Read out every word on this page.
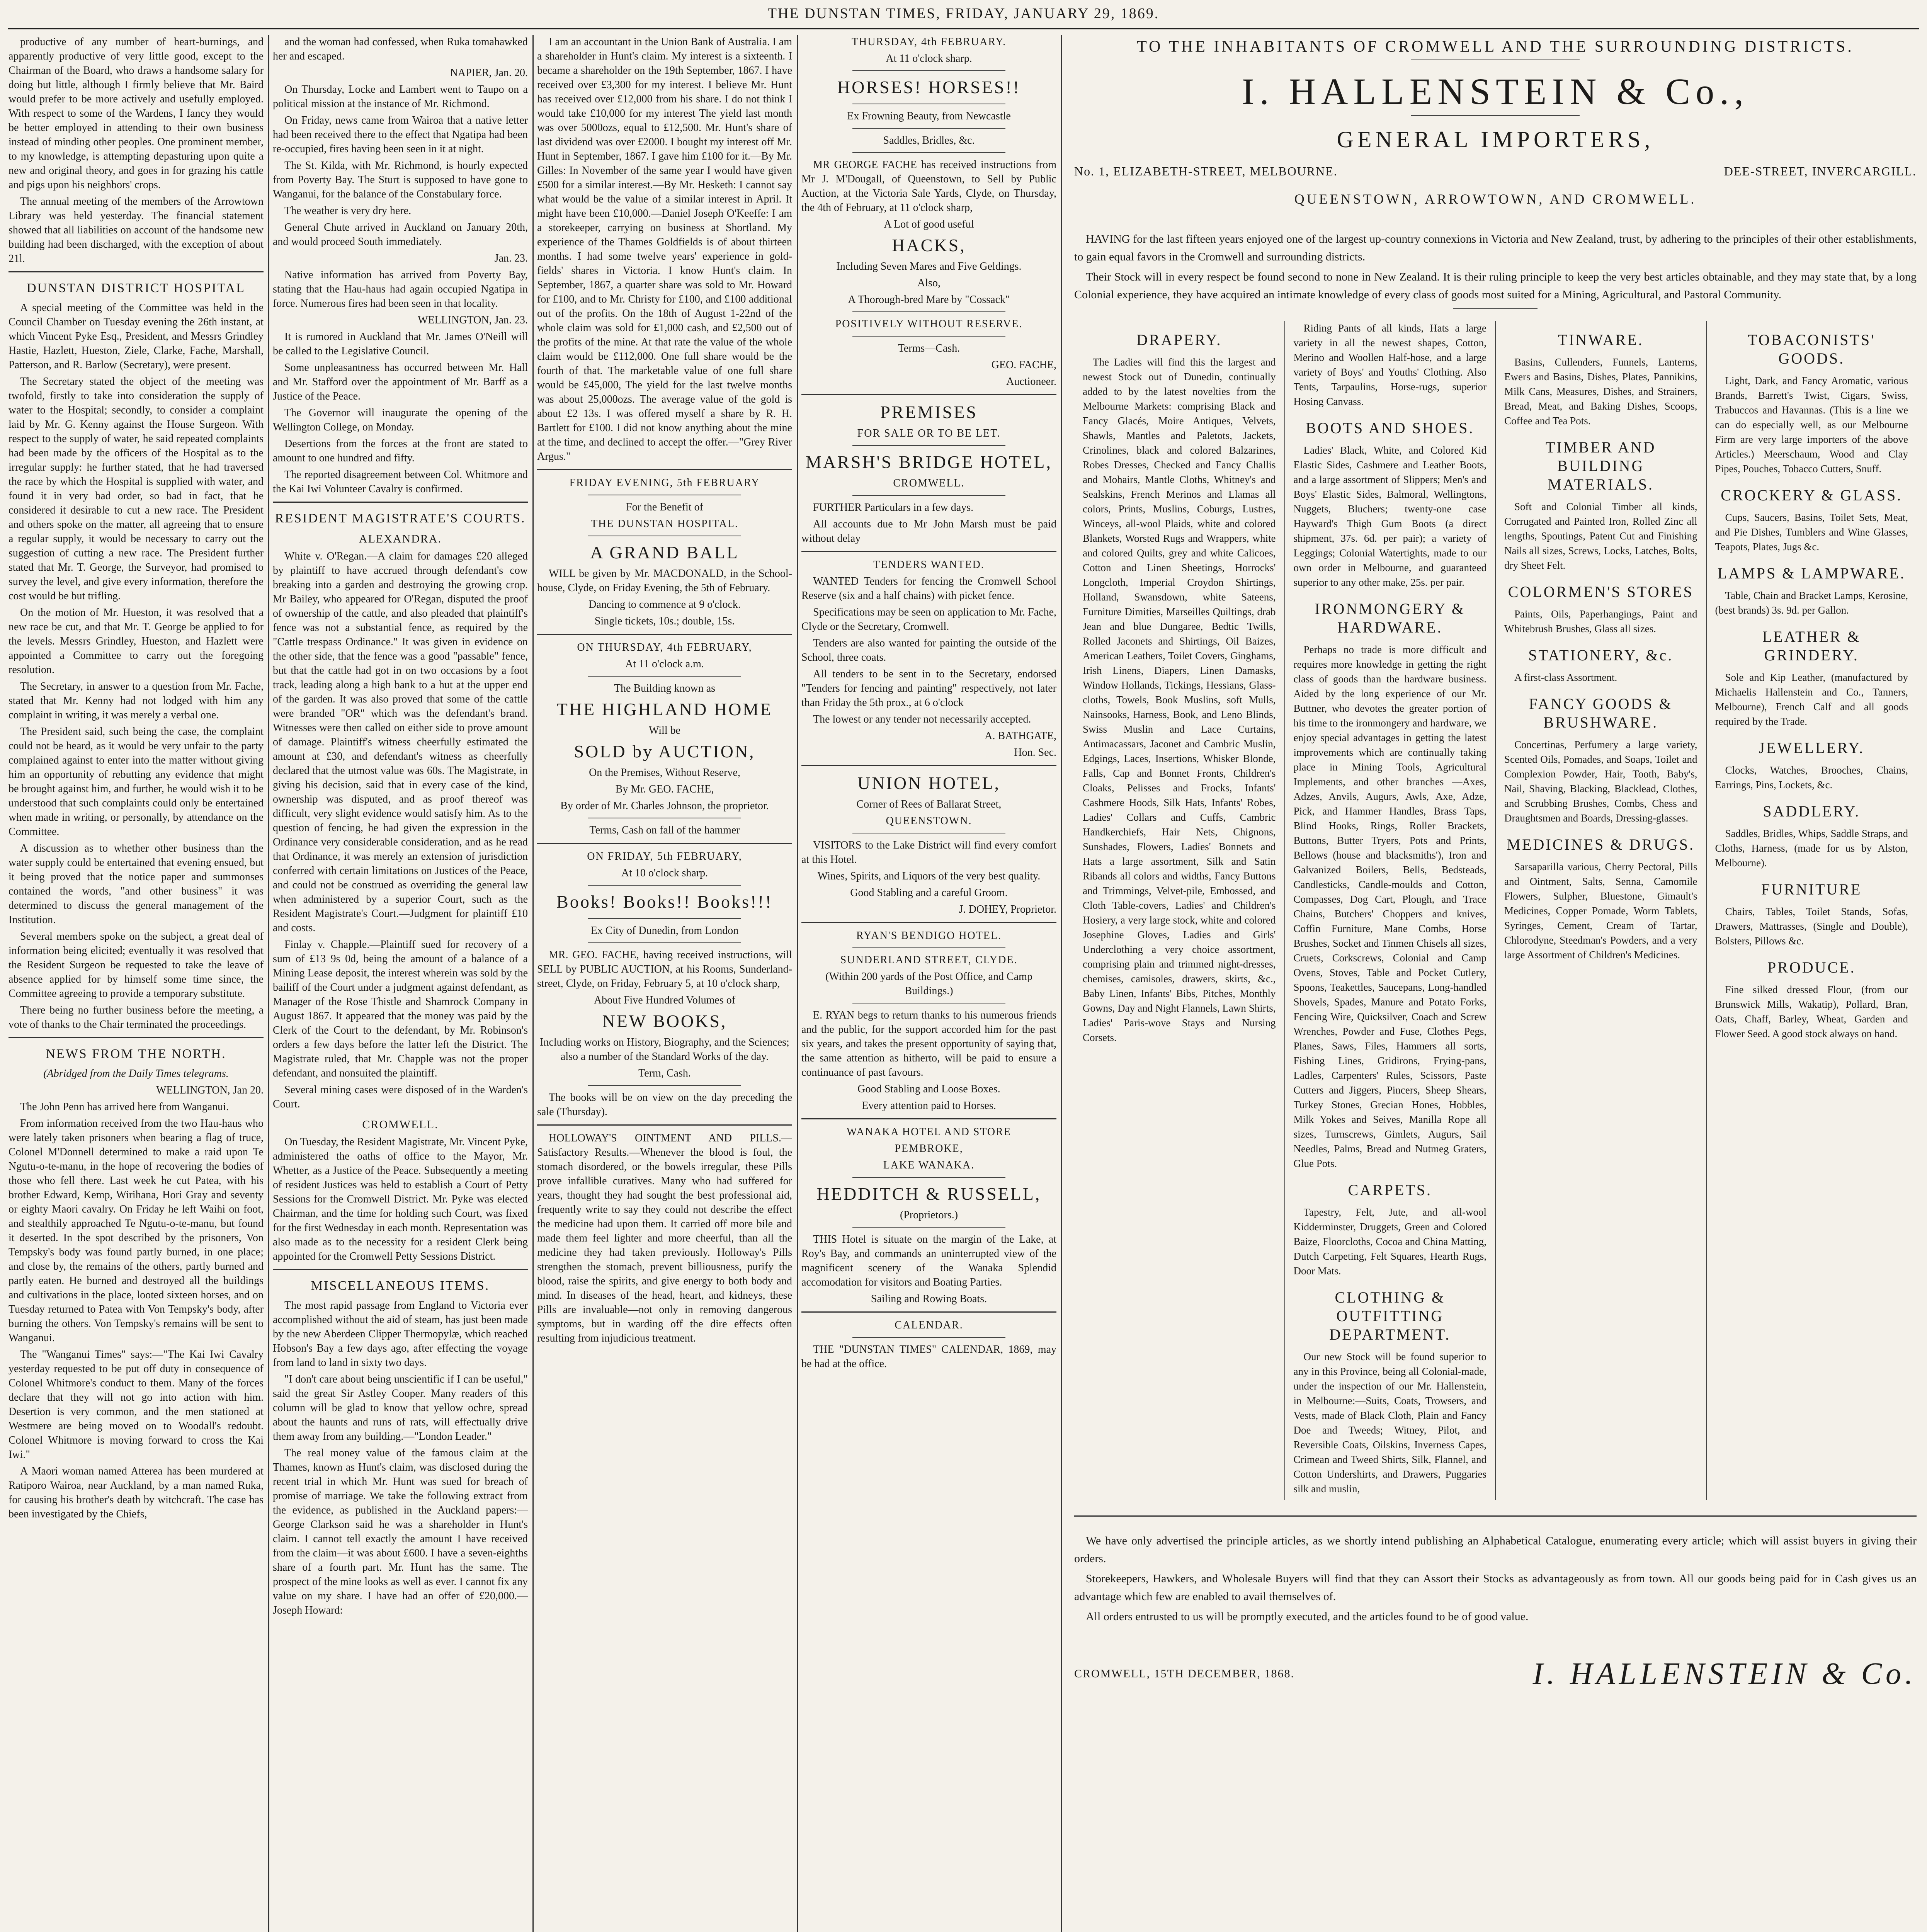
THE DUNSTAN TIMES, FRIDAY, JANUARY 29, 1869.

productive of any number of heart-burnings, and apparently productive of very little good, except to the Chairman of the Board, who draws a handsome salary for doing but little, although I firmly believe that Mr. Baird would prefer to be more actively and usefully employed. With respect to some of the Wardens, I fancy they would be better employed in attending to their own business instead of minding other peoples. One prominent member, to my knowledge, is attempting depasturing upon quite a new and original theory, and goes in for grazing his cattle and pigs upon his neighbors' crops.

The annual meeting of the members of the Arrowtown Library was held yesterday. The financial statement showed that all liabilities on account of the handsome new building had been discharged, with the exception of about 21l.

DUNSTAN DISTRICT HOSPITAL

A special meeting of the Committee was held in the Council Chamber on Tuesday evening the 26th instant, at which Vincent Pyke Esq., President, and Messrs Grindley Hastie, Hazlett, Hueston, Ziele, Clarke, Fache, Marshall, Patterson, and R. Barlow (Secretary), were present.

The Secretary stated the object of the meeting was twofold, firstly to take into consideration the supply of water to the Hospital; secondly, to consider a complaint laid by Mr. G. Kenny against the House Surgeon. With respect to the supply of water, he said repeated complaints had been made by the officers of the Hospital as to the irregular supply: he further stated, that he had traversed the race by which the Hospital is supplied with water, and found it in very bad order, so bad in fact, that he considered it desirable to cut a new race. The President and others spoke on the matter, all agreeing that to ensure a regular supply, it would be necessary to carry out the suggestion of cutting a new race. The President further stated that Mr. T. George, the Surveyor, had promised to survey the level, and give every information, therefore the cost would be but trifling.

On the motion of Mr. Hueston, it was resolved that a new race be cut, and that Mr. T. George be applied to for the levels. Messrs Grindley, Hueston, and Hazlett were appointed a Committee to carry out the foregoing resolution.

The Secretary, in answer to a question from Mr. Fache, stated that Mr. Kenny had not lodged with him any complaint in writing, it was merely a verbal one.

The President said, such being the case, the complaint could not be heard, as it would be very unfair to the party complained against to enter into the matter without giving him an opportunity of rebutting any evidence that might be brought against him, and further, he would wish it to be understood that such complaints could only be entertained when made in writing, or personally, by attendance on the Committee.

A discussion as to whether other business than the water supply could be entertained that evening ensued, but it being proved that the notice paper and summonses contained the words, "and other business" it was determined to discuss the general management of the Institution.

Several members spoke on the subject, a great deal of information being elicited; eventually it was resolved that the Resident Surgeon be requested to take the leave of absence applied for by himself some time since, the Committee agreeing to provide a temporary substitute.

There being no further business before the meeting, a vote of thanks to the Chair terminated the proceedings.

NEWS FROM THE NORTH.

(Abridged from the Daily Times telegrams.

WELLINGTON, Jan 20.

The John Penn has arrived here from Wanganui.

From information received from the two Hau-haus who were lately taken prisoners when bearing a flag of truce, Colonel M'Donnell determined to make a raid upon Te Ngutu-o-te-manu, in the hope of recovering the bodies of those who fell there. Last week he cut Patea, with his brother Edward, Kemp, Wirihana, Hori Gray and seventy or eighty Maori cavalry. On Friday he left Waihi on foot, and stealthily approached Te Ngutu-o-te-manu, but found it deserted. In the spot described by the prisoners, Von Tempsky's body was found partly burned, in one place; and close by, the remains of the others, partly burned and partly eaten. He burned and destroyed all the buildings and cultivations in the place, looted sixteen horses, and on Tuesday returned to Patea with Von Tempsky's body, after burning the others. Von Tempsky's remains will be sent to Wanganui.

The "Wanganui Times" says:—"The Kai Iwi Cavalry yesterday requested to be put off duty in consequence of Colonel Whitmore's conduct to them. Many of the forces declare that they will not go into action with him. Desertion is very common, and the men stationed at Westmere are being moved on to Woodall's redoubt. Colonel Whitmore is moving forward to cross the Kai Iwi."

A Maori woman named Atterea has been murdered at Ratiporo Wairoa, near Auckland, by a man named Ruka, for causing his brother's death by witchcraft. The case has been investigated by the Chiefs,

and the woman had confessed, when Ruka tomahawked her and escaped.

NAPIER, Jan. 20.

On Thursday, Locke and Lambert went to Taupo on a political mission at the instance of Mr. Richmond.

On Friday, news came from Wairoa that a native letter had been received there to the effect that Ngatipa had been re-occupied, fires having been seen in it at night.

The St. Kilda, with Mr. Richmond, is hourly expected from Poverty Bay. The Sturt is supposed to have gone to Wanganui, for the balance of the Constabulary force.

The weather is very dry here.

General Chute arrived in Auckland on January 20th, and would proceed South immediately.

Jan. 23.

Native information has arrived from Poverty Bay, stating that the Hau-haus had again occupied Ngatipa in force. Numerous fires had been seen in that locality.

WELLINGTON, Jan. 23.

It is rumored in Auckland that Mr. James O'Neill will be called to the Legislative Council.

Some unpleasantness has occurred between Mr. Hall and Mr. Stafford over the appointment of Mr. Barff as a Justice of the Peace.

The Governor will inaugurate the opening of the Wellington College, on Monday.

Desertions from the forces at the front are stated to amount to one hundred and fifty.

The reported disagreement between Col. Whitmore and the Kai Iwi Volunteer Cavalry is confirmed.

RESIDENT MAGISTRATE'S COURTS.
ALEXANDRA.

White v. O'Regan.—A claim for damages £20 alleged by plaintiff to have accrued through defendant's cow breaking into a garden and destroying the growing crop. Mr Bailey, who appeared for O'Regan, disputed the proof of ownership of the cattle, and also pleaded that plaintiff's fence was not a substantial fence, as required by the "Cattle trespass Ordinance." It was given in evidence on the other side, that the fence was a good "passable" fence, but that the cattle had got in on two occasions by a foot track, leading along a high bank to a hut at the upper end of the garden. It was also proved that some of the cattle were branded "OR" which was the defendant's brand. Witnesses were then called on either side to prove amount of damage. Plaintiff's witness cheerfully estimated the amount at £30, and defendant's witness as cheerfully declared that the utmost value was 60s. The Magistrate, in giving his decision, said that in every case of the kind, ownership was disputed, and as proof thereof was difficult, very slight evidence would satisfy him. As to the question of fencing, he had given the expression in the Ordinance very considerable consideration, and as he read that Ordinance, it was merely an extension of jurisdiction conferred with certain limitations on Justices of the Peace, and could not be construed as overriding the general law when administered by a superior Court, such as the Resident Magistrate's Court.—Judgment for plaintiff £10 and costs.

Finlay v. Chapple.—Plaintiff sued for recovery of a sum of £13 9s 0d, being the amount of a balance of a Mining Lease deposit, the interest wherein was sold by the bailiff of the Court under a judgment against defendant, as Manager of the Rose Thistle and Shamrock Company in August 1867. It appeared that the money was paid by the Clerk of the Court to the defendant, by Mr. Robinson's orders a few days before the latter left the District. The Magistrate ruled, that Mr. Chapple was not the proper defendant, and nonsuited the plaintiff.

Several mining cases were disposed of in the Warden's Court.

CROMWELL.

On Tuesday, the Resident Magistrate, Mr. Vincent Pyke, administered the oaths of office to the Mayor, Mr. Whetter, as a Justice of the Peace. Subsequently a meeting of resident Justices was held to establish a Court of Petty Sessions for the Cromwell District. Mr. Pyke was elected Chairman, and the time for holding such Court, was fixed for the first Wednesday in each month. Representation was also made as to the necessity for a resident Clerk being appointed for the Cromwell Petty Sessions District.

MISCELLANEOUS ITEMS.

The most rapid passage from England to Victoria ever accomplished without the aid of steam, has just been made by the new Aberdeen Clipper Thermopylæ, which reached Hobson's Bay a few days ago, after effecting the voyage from land to land in sixty two days.

"I don't care about being unscientific if I can be useful," said the great Sir Astley Cooper. Many readers of this column will be glad to know that yellow ochre, spread about the haunts and runs of rats, will effectually drive them away from any building.—"London Leader."

The real money value of the famous claim at the Thames, known as Hunt's claim, was disclosed during the recent trial in which Mr. Hunt was sued for breach of promise of marriage. We take the following extract from the evidence, as published in the Auckland papers:—George Clarkson said he was a shareholder in Hunt's claim. I cannot tell exactly the amount I have received from the claim—it was about £600. I have a seven-eighths share of a fourth part. Mr. Hunt has the same. The prospect of the mine looks as well as ever. I cannot fix any value on my share. I have had an offer of £20,000.—Joseph Howard:

I am an accountant in the Union Bank of Australia. I am a shareholder in Hunt's claim. My interest is a sixteenth. I became a shareholder on the 19th September, 1867. I have received over £3,300 for my interest. I believe Mr. Hunt has received over £12,000 from his share. I do not think I would take £10,000 for my interest The yield last month was over 5000ozs, equal to £12,500. Mr. Hunt's share of last dividend was over £2000. I bought my interest off Mr. Hunt in September, 1867. I gave him £100 for it.—By Mr. Gilles: In November of the same year I would have given £500 for a similar interest.—By Mr. Hesketh: I cannot say what would be the value of a similar interest in April. It might have been £10,000.—Daniel Joseph O'Keeffe: I am a storekeeper, carrying on business at Shortland. My experience of the Thames Goldfields is of about thirteen months. I had some twelve years' experience in gold-fields' shares in Victoria. I know Hunt's claim. In September, 1867, a quarter share was sold to Mr. Howard for £100, and to Mr. Christy for £100, and £100 additional out of the profits. On the 18th of August 1-22nd of the whole claim was sold for £1,000 cash, and £2,500 out of the profits of the mine. At that rate the value of the whole claim would be £112,000. One full share would be the fourth of that. The marketable value of one full share would be £45,000, The yield for the last twelve months was about 25,000ozs. The average value of the gold is about £2 13s. I was offered myself a share by R. H. Bartlett for £100. I did not know anything about the mine at the time, and declined to accept the offer.—"Grey River Argus."

FRIDAY EVENING, 5th FEBRUARY

For the Benefit of

THE DUNSTAN HOSPITAL.

A GRAND BALL

WILL be given by Mr. MACDONALD, in the School-house, Clyde, on Friday Evening, the 5th of February.

Dancing to commence at 9 o'clock.

Single tickets, 10s.; double, 15s.

ON THURSDAY, 4th FEBRUARY,

At 11 o'clock a.m.

The Building known as

THE HIGHLAND HOME

Will be

SOLD by AUCTION,

On the Premises, Without Reserve,

By Mr. GEO. FACHE,

By order of Mr. Charles Johnson, the proprietor.

Terms, Cash on fall of the hammer

ON FRIDAY, 5th FEBRUARY,

At 10 o'clock sharp.

Books! Books!! Books!!!

Ex City of Dunedin, from London

MR. GEO. FACHE, having received instructions, will SELL by PUBLIC AUCTION, at his Rooms, Sunderland-street, Clyde, on Friday, February 5, at 10 o'clock sharp,

About Five Hundred Volumes of

NEW BOOKS,

Including works on History, Biography, and the Sciences; also a number of the Standard Works of the day.

Term, Cash.

The books will be on view on the day preceding the sale (Thursday).

HOLLOWAY'S OINTMENT AND PILLS.—Satisfactory Results.—Whenever the blood is foul, the stomach disordered, or the bowels irregular, these Pills prove infallible curatives. Many who had suffered for years, thought they had sought the best professional aid, frequently write to say they could not describe the effect the medicine had upon them. It carried off more bile and made them feel lighter and more cheerful, than all the medicine they had taken previously. Holloway's Pills strengthen the stomach, prevent billiousness, purify the blood, raise the spirits, and give energy to both body and mind. In diseases of the head, heart, and kidneys, these Pills are invaluable—not only in removing dangerous symptoms, but in warding off the dire effects often resulting from injudicious treatment.

THURSDAY, 4th FEBRUARY.

At 11 o'clock sharp.

HORSES! HORSES!!

Ex Frowning Beauty, from Newcastle

Saddles, Bridles, &c.

MR GEORGE FACHE has received instructions from Mr J. M'Dougall, of Queenstown, to Sell by Public Auction, at the Victoria Sale Yards, Clyde, on Thursday, the 4th of February, at 11 o'clock sharp,

A Lot of good useful

HACKS,

Including Seven Mares and Five Geldings.

Also,

A Thorough-bred Mare by "Cossack"

POSITIVELY WITHOUT RESERVE.

Terms—Cash.

GEO. FACHE,

Auctioneer.

PREMISES

FOR SALE OR TO BE LET.

MARSH'S BRIDGE HOTEL,

CROMWELL.

FURTHER Particulars in a few days.

All accounts due to Mr John Marsh must be paid without delay

TENDERS WANTED.

WANTED Tenders for fencing the Cromwell School Reserve (six and a half chains) with picket fence.

Specifications may be seen on application to Mr. Fache, Clyde or the Secretary, Cromwell.

Tenders are also wanted for painting the outside of the School, three coats.

All tenders to be sent in to the Secretary, endorsed "Tenders for fencing and painting" respectively, not later than Friday the 5th prox., at 6 o'clock

The lowest or any tender not necessarily accepted.

A. BATHGATE,

Hon. Sec.

UNION HOTEL,

Corner of Rees of Ballarat Street,

QUEENSTOWN.

VISITORS to the Lake District will find every comfort at this Hotel.

Wines, Spirits, and Liquors of the very best quality.

Good Stabling and a careful Groom.

J. DOHEY, Proprietor.

RYAN'S BENDIGO HOTEL.

SUNDERLAND STREET, CLYDE.

(Within 200 yards of the Post Office, and Camp Buildings.)

E. RYAN begs to return thanks to his numerous friends and the public, for the support accorded him for the past six years, and takes the present opportunity of saying that, the same attention as hitherto, will be paid to ensure a continuance of past favours.

Good Stabling and Loose Boxes.

Every attention paid to Horses.

WANAKA HOTEL AND STORE

PEMBROKE,

LAKE WANAKA.

HEDDITCH & RUSSELL,

(Proprietors.)

THIS Hotel is situate on the margin of the Lake, at Roy's Bay, and commands an uninterrupted view of the magnificent scenery of the Wanaka Splendid accomodation for visitors and Boating Parties.

Sailing and Rowing Boats.

CALENDAR.

THE "DUNSTAN TIMES" CALENDAR, 1869, may be had at the office.

TO THE INHABITANTS OF CROMWELL AND THE SURROUNDING DISTRICTS.
I. HALLENSTEIN & Co.,
GENERAL IMPORTERS,
No. 1, ELIZABETH-STREET, MELBOURNE.	DEE-STREET, INVERCARGILL.
QUEENSTOWN, ARROWTOWN, AND CROMWELL.

HAVING for the last fifteen years enjoyed one of the largest up-country connexions in Victoria and New Zealand, trust, by adhering to the principles of their other establishments, to gain equal favors in the Cromwell and surrounding districts.

Their Stock will in every respect be found second to none in New Zealand. It is their ruling principle to keep the very best articles obtainable, and they may state that, by a long Colonial experience, they have acquired an intimate knowledge of every class of goods most suited for a Mining, Agricultural, and Pastoral Community.

DRAPERY.

The Ladies will find this the largest and newest Stock out of Dunedin, continually added to by the latest novelties from the Melbourne Markets: comprising Black and Fancy Glacés, Moire Antiques, Velvets, Shawls, Mantles and Paletots, Jackets, Crinolines, black and colored Balzarines, Robes Dresses, Checked and Fancy Challis and Mohairs, Mantle Cloths, Whitney's and Sealskins, French Merinos and Llamas all colors, Prints, Muslins, Coburgs, Lustres, Winceys, all-wool Plaids, white and colored Blankets, Worsted Rugs and Wrappers, white and colored Quilts, grey and white Calicoes, Cotton and Linen Sheetings, Horrocks' Longcloth, Imperial Croydon Shirtings, Holland, Swansdown, white Sateens, Furniture Dimities, Marseilles Quiltings, drab Jean and blue Dungaree, Bedtic Twills, Rolled Jaconets and Shirtings, Oil Baizes, American Leathers, Toilet Covers, Ginghams, Irish Linens, Diapers, Linen Damasks, Window Hollands, Tickings, Hessians, Glass-cloths, Towels, Book Muslins, soft Mulls, Nainsooks, Harness, Book, and Leno Blinds, Swiss Muslin and Lace Curtains, Antimacassars, Jaconet and Cambric Muslin, Edgings, Laces, Insertions, Whisker Blonde, Falls, Cap and Bonnet Fronts, Children's Cloaks, Pelisses and Frocks, Infants' Cashmere Hoods, Silk Hats, Infants' Robes, Ladies' Collars and Cuffs, Cambric Handkerchiefs, Hair Nets, Chignons, Sunshades, Flowers, Ladies' Bonnets and Hats a large assortment, Silk and Satin Ribands all colors and widths, Fancy Buttons and Trimmings, Velvet-pile, Embossed, and Cloth Table-covers, Ladies' and Children's Hosiery, a very large stock, white and colored Josephine Gloves, Ladies and Girls' Underclothing a very choice assortment, comprising plain and trimmed night-dresses, chemises, camisoles, drawers, skirts, &c., Baby Linen, Infants' Bibs, Pitches, Monthly Gowns, Day and Night Flannels, Lawn Shirts, Ladies' Paris-wove Stays and Nursing Corsets.

Riding Pants of all kinds, Hats a large variety in all the newest shapes, Cotton, Merino and Woollen Half-hose, and a large variety of Boys' and Youths' Clothing. Also Tents, Tarpaulins, Horse-rugs, superior Hosing Canvass.

BOOTS AND SHOES.

Ladies' Black, White, and Colored Kid Elastic Sides, Cashmere and Leather Boots, and a large assortment of Slippers; Men's and Boys' Elastic Sides, Balmoral, Wellingtons, Nuggets, Bluchers; twenty-one case Hayward's Thigh Gum Boots (a direct shipment, 37s. 6d. per pair); a variety of Leggings; Colonial Watertights, made to our own order in Melbourne, and guaranteed superior to any other make, 25s. per pair.

IRONMONGERY & HARDWARE.

Perhaps no trade is more difficult and requires more knowledge in getting the right class of goods than the hardware business. Aided by the long experience of our Mr. Buttner, who devotes the greater portion of his time to the ironmongery and hardware, we enjoy special advantages in getting the latest improvements which are continually taking place in Mining Tools, Agricultural Implements, and other branches —Axes, Adzes, Anvils, Augurs, Awls, Axe, Adze, Pick, and Hammer Handles, Brass Taps, Blind Hooks, Rings, Roller Brackets, Buttons, Butter Tryers, Pots and Prints, Bellows (house and blacksmiths'), Iron and Galvanized Boilers, Bells, Bedsteads, Candlesticks, Candle-moulds and Cotton, Compasses, Dog Cart, Plough, and Trace Chains, Butchers' Choppers and knives, Coffin Furniture, Mane Combs, Horse Brushes, Socket and Tinmen Chisels all sizes, Cruets, Corkscrews, Colonial and Camp Ovens, Stoves, Table and Pocket Cutlery, Spoons, Teakettles, Saucepans, Long-handled Shovels, Spades, Manure and Potato Forks, Fencing Wire, Quicksilver, Coach and Screw Wrenches, Powder and Fuse, Clothes Pegs, Planes, Saws, Files, Hammers all sorts, Fishing Lines, Gridirons, Frying-pans, Ladles, Carpenters' Rules, Scissors, Paste Cutters and Jiggers, Pincers, Sheep Shears, Turkey Stones, Grecian Hones, Hobbles, Milk Yokes and Seives, Manilla Rope all sizes, Turnscrews, Gimlets, Augurs, Sail Needles, Palms, Bread and Nutmeg Graters, Glue Pots.

CARPETS.

Tapestry, Felt, Jute, and all-wool Kidderminster, Druggets, Green and Colored Baize, Floorcloths, Cocoa and China Matting, Dutch Carpeting, Felt Squares, Hearth Rugs, Door Mats.

CLOTHING & OUTFITTING DEPARTMENT.

Our new Stock will be found superior to any in this Province, being all Colonial-made, under the inspection of our Mr. Hallenstein, in Melbourne:—Suits, Coats, Trowsers, and Vests, made of Black Cloth, Plain and Fancy Doe and Tweeds; Witney, Pilot, and Reversible Coats, Oilskins, Inverness Capes, Crimean and Tweed Shirts, Silk, Flannel, and Cotton Undershirts, and Drawers, Puggaries silk and muslin,

TINWARE.

Basins, Cullenders, Funnels, Lanterns, Ewers and Basins, Dishes, Plates, Pannikins, Milk Cans, Measures, Dishes, and Strainers, Bread, Meat, and Baking Dishes, Scoops, Coffee and Tea Pots.

TIMBER AND BUILDING MATERIALS.

Soft and Colonial Timber all kinds, Corrugated and Painted Iron, Rolled Zinc all lengths, Spoutings, Patent Cut and Finishing Nails all sizes, Screws, Locks, Latches, Bolts, dry Sheet Felt.

COLORMEN'S STORES

Paints, Oils, Paperhangings, Paint and Whitebrush Brushes, Glass all sizes.

STATIONERY, &c.

A first-class Assortment.

FANCY GOODS & BRUSHWARE.

Concertinas, Perfumery a large variety, Scented Oils, Pomades, and Soaps, Toilet and Complexion Powder, Hair, Tooth, Baby's, Nail, Shaving, Blacking, Blacklead, Clothes, and Scrubbing Brushes, Combs, Chess and Draughtsmen and Boards, Dressing-glasses.

MEDICINES & DRUGS.

Sarsaparilla various, Cherry Pectoral, Pills and Ointment, Salts, Senna, Camomile Flowers, Sulpher, Bluestone, Gimault's Medicines, Copper Pomade, Worm Tablets, Syringes, Cement, Cream of Tartar, Chlorodyne, Steedman's Powders, and a very large Assortment of Children's Medicines.

TOBACONISTS' GOODS.

Light, Dark, and Fancy Aromatic, various Brands, Barrett's Twist, Cigars, Swiss, Trabuccos and Havannas. (This is a line we can do especially well, as our Melbourne Firm are very large importers of the above Articles.) Meerschaum, Wood and Clay Pipes, Pouches, Tobacco Cutters, Snuff.

CROCKERY & GLASS.

Cups, Saucers, Basins, Toilet Sets, Meat, and Pie Dishes, Tumblers and Wine Glasses, Teapots, Plates, Jugs &c.

LAMPS & LAMPWARE.

Table, Chain and Bracket Lamps, Kerosine, (best brands) 3s. 9d. per Gallon.

LEATHER & GRINDERY.

Sole and Kip Leather, (manufactured by Michaelis Hallenstein and Co., Tanners, Melbourne), French Calf and all goods required by the Trade.

JEWELLERY.

Clocks, Watches, Brooches, Chains, Earrings, Pins, Lockets, &c.

SADDLERY.

Saddles, Bridles, Whips, Saddle Straps, and Cloths, Harness, (made for us by Alston, Melbourne).

FURNITURE

Chairs, Tables, Toilet Stands, Sofas, Drawers, Mattrasses, (Single and Double), Bolsters, Pillows &c.

PRODUCE.

Fine silked dressed Flour, (from our Brunswick Mills, Wakatip), Pollard, Bran, Oats, Chaff, Barley, Wheat, Garden and Flower Seed. A good stock always on hand.

We have only advertised the principle articles, as we shortly intend publishing an Alphabetical Catalogue, enumerating every article; which will assist buyers in giving their orders.

Storekeepers, Hawkers, and Wholesale Buyers will find that they can Assort their Stocks as advantageously as from town. All our goods being paid for in Cash gives us an advantage which few are enabled to avail themselves of.

All orders entrusted to us will be promptly executed, and the articles found to be of good value.

CROMWELL, 15TH DECEMBER, 1868.	I. HALLENSTEIN & Co.
